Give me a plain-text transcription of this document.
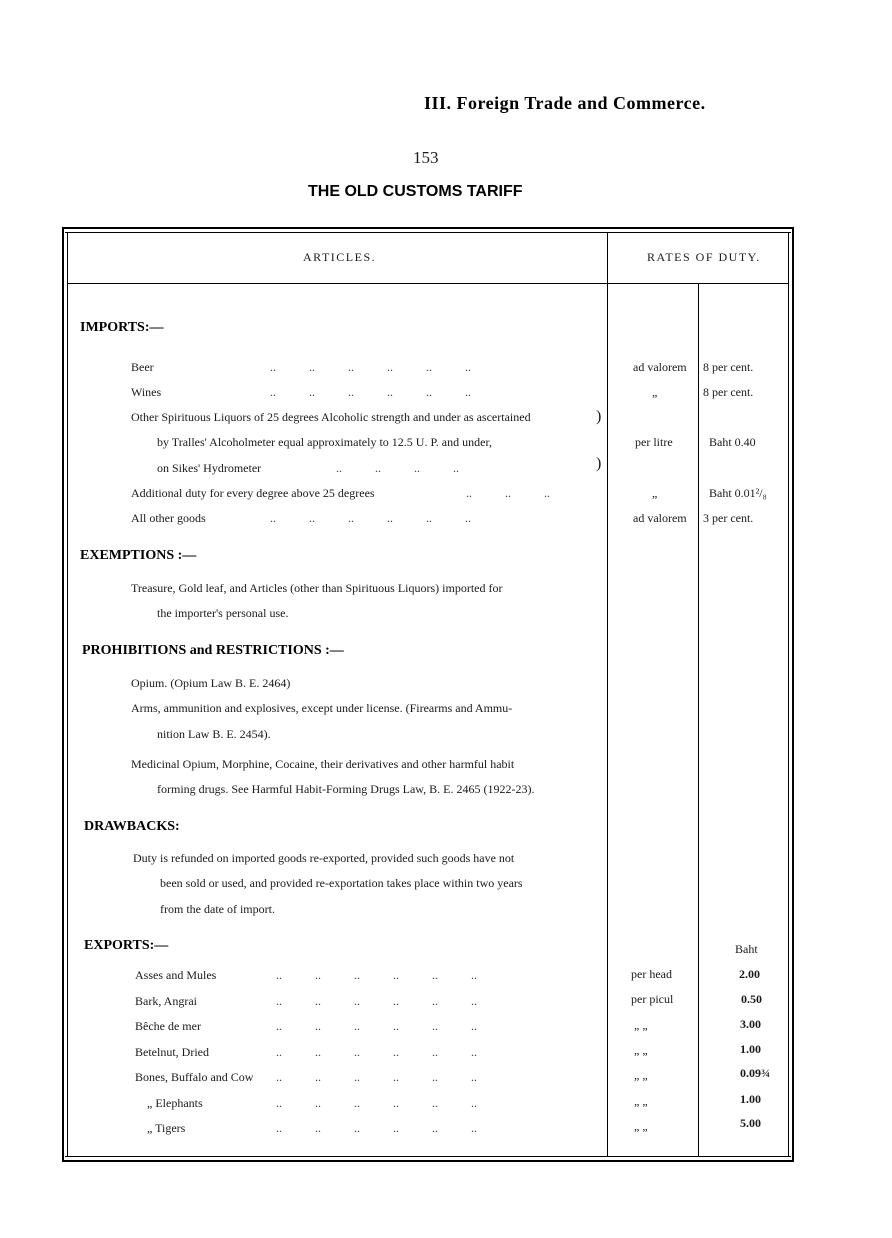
III. Foreign Trade and Commerce.
153
THE OLD CUSTOMS TARIFF
ARTICLES.	RATES OF DUTY.
IMPORTS:—
Beer	..           ..           ..           ..           ..           ..	ad valorem 8 per cent.
Wines	..           ..           ..           ..           ..           ..	„	8 per cent.
Other Spirituous Liquors of 25 degrees Alcoholic strength and under as ascertained
by Tralles' Alcoholmeter equal approximately to 12.5 U. P. and under,
on Sikes' Hydrometer	..           ..           ..           ..
)
)
per litre	Baht 0.40
Additional duty for every degree above 25 degrees	..           ..           ..	„	Baht 0.01²/₈
All other goods	..           ..           ..           ..           ..           ..	ad valorem 3 per cent.
EXEMPTIONS :—
Treasure, Gold leaf, and Articles (other than Spirituous Liquors) imported for
the importer's personal use.
PROHIBITIONS and RESTRICTIONS :—
Opium. (Opium Law B. E. 2464)
Arms, ammunition and explosives, except under license. (Firearms and Ammu-
nition Law B. E. 2454).
Medicinal Opium, Morphine, Cocaine, their derivatives and other harmful habit
forming drugs. See Harmful Habit-Forming Drugs Law, B. E. 2465 (1922-23).
DRAWBACKS:
Duty is refunded on imported goods re-exported, provided such goods have not
been sold or used, and provided re-exportation takes place within two years
from the date of import.
EXPORTS:—	Baht
Asses and Mules	..           ..           ..           ..           ..           ..	per head	2.00
Bark, Angrai	..           ..           ..           ..           ..           ..	per picul	0.50
Bêche de mer	..           ..           ..           ..           ..           ..	„ „	3.00
Betelnut, Dried	..           ..           ..           ..           ..           ..	„ „	1.00
Bones, Buffalo and Cow ..           ..           ..           ..           ..           ..	„ „	0.09¾
„ Elephants	..           ..           ..           ..           ..           ..	„ „	1.00
„ Tigers	..           ..           ..           ..           ..           ..	„ „	5.00
